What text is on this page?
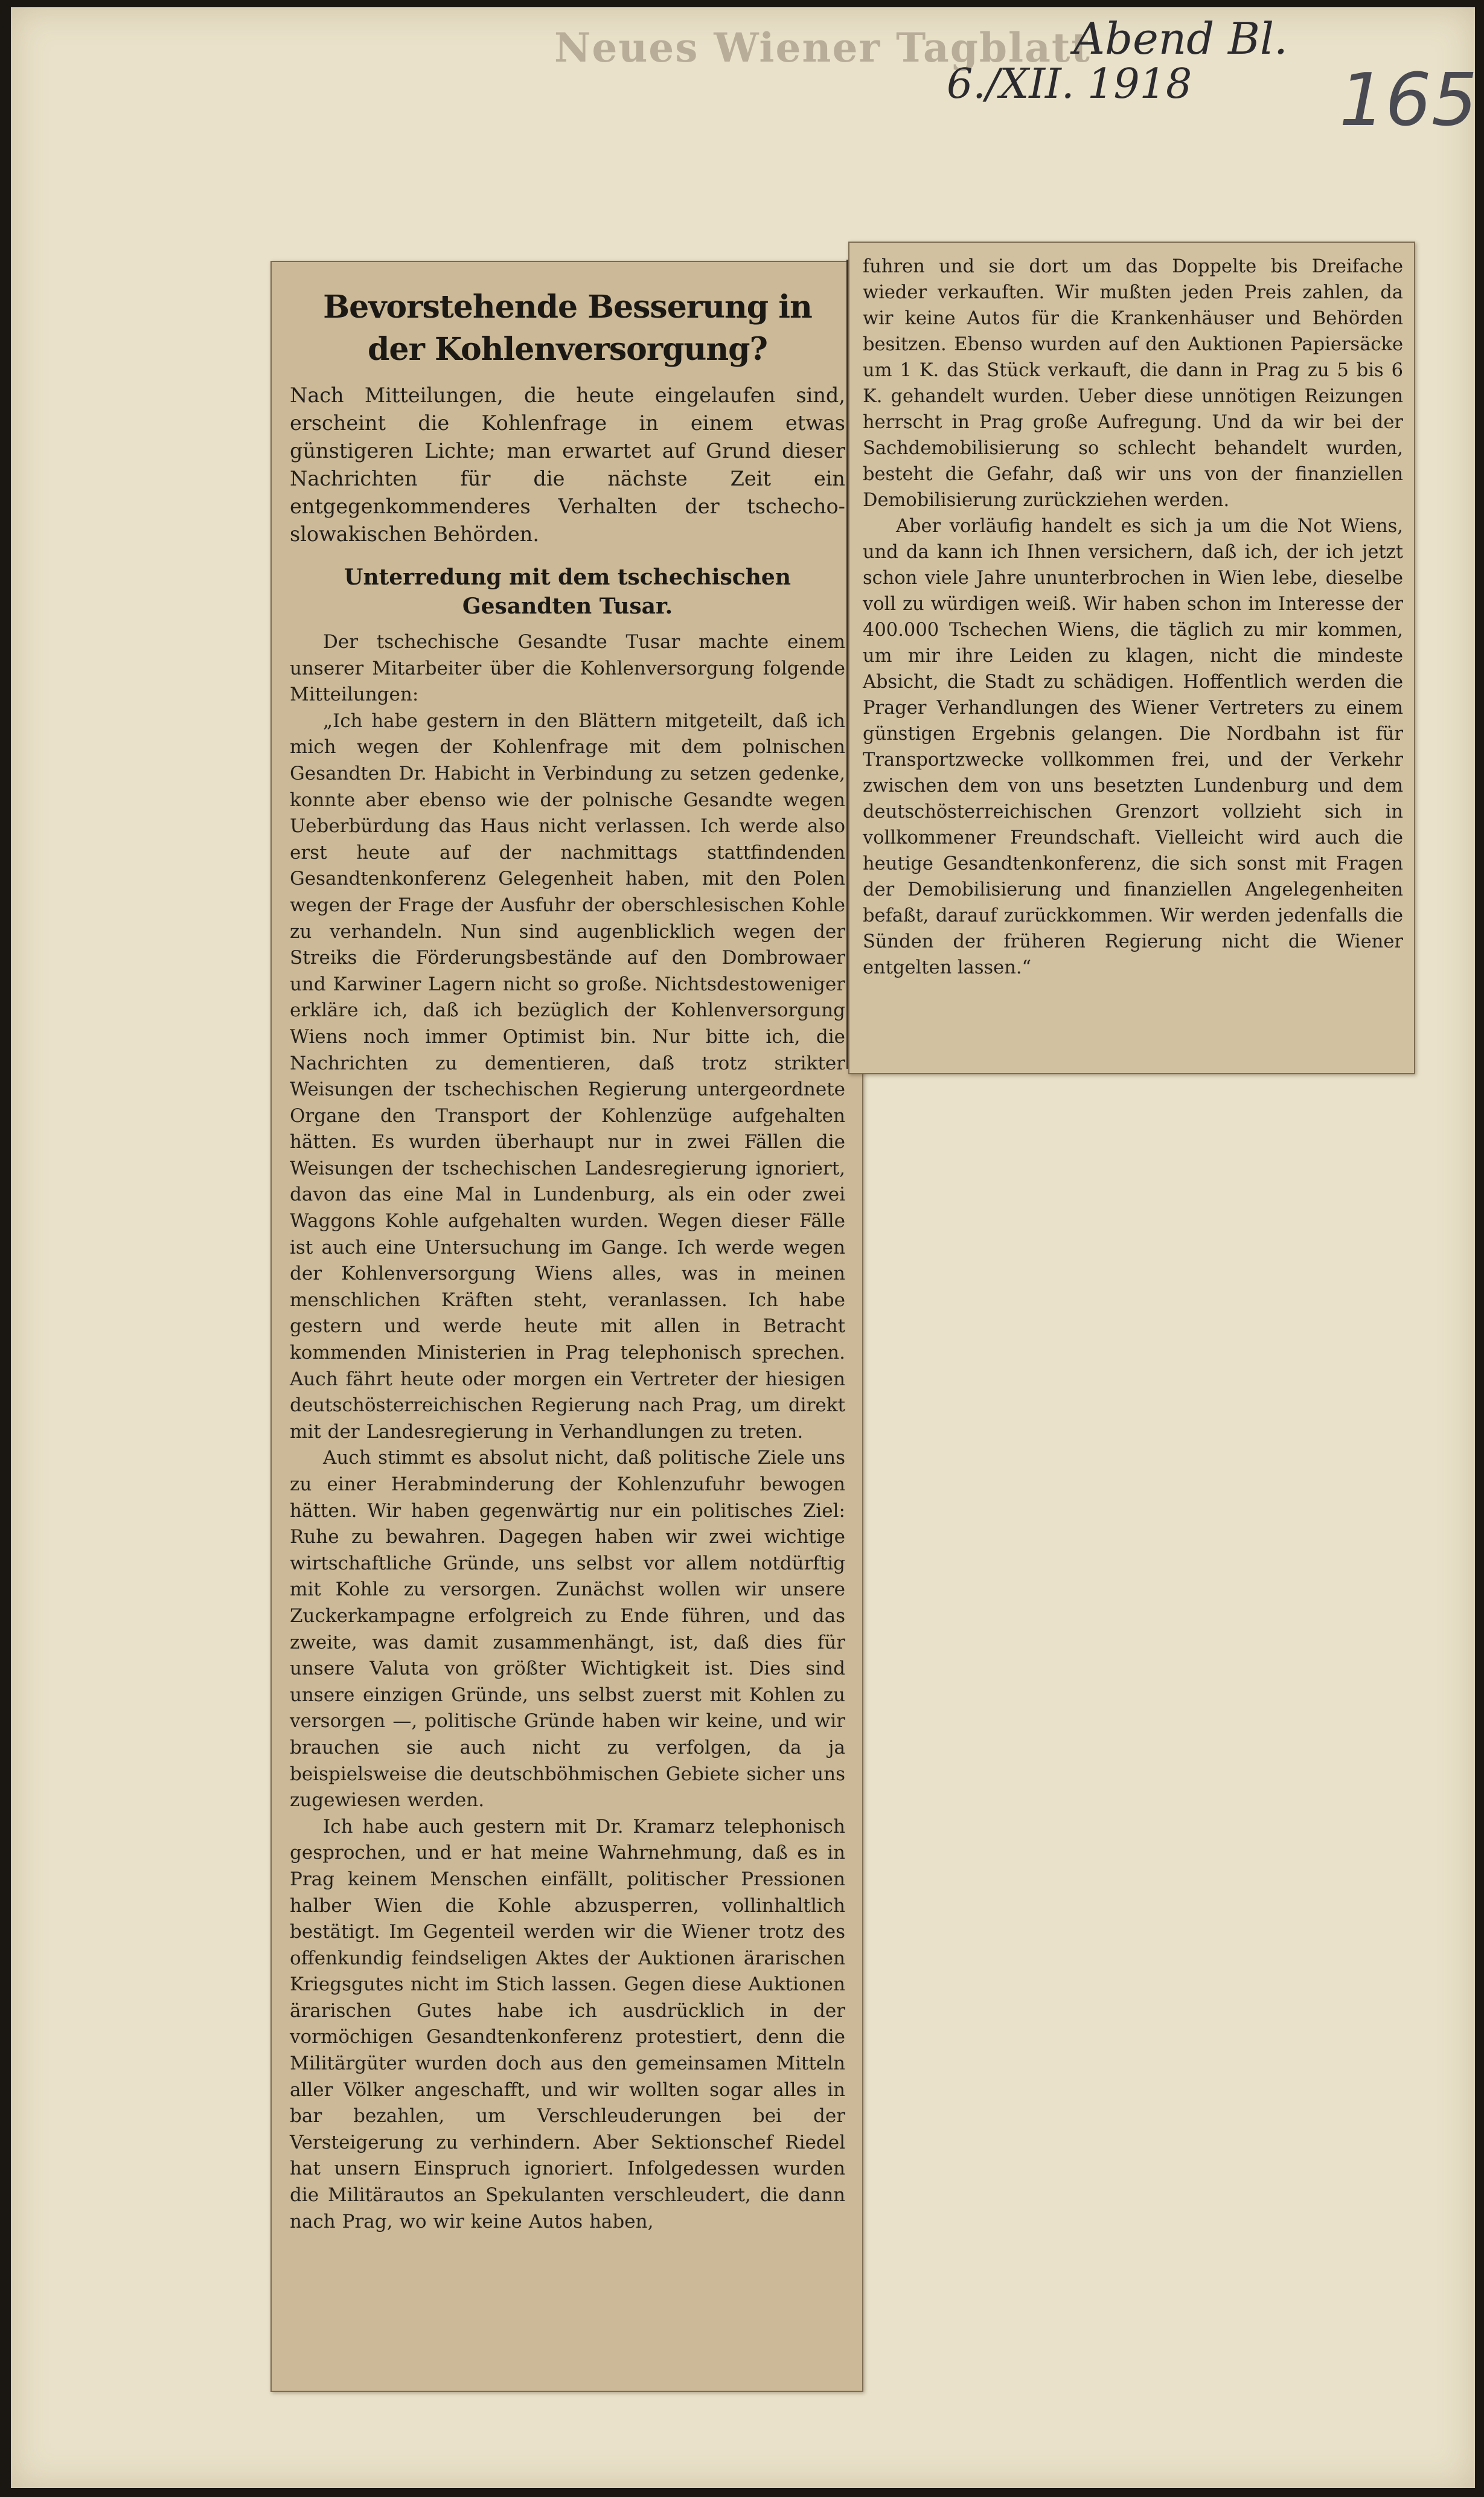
Neues Wiener Tagblatt
Abend Bl.
6./XII. 1918 165
Bevorstehende Besserung in der Kohlenversorgung?

Nach Mitteilungen, die heute eingelaufen sind, erscheint die Kohlenfrage in einem etwas günstigeren Lichte; man erwartet auf Grund dieser Nachrichten für die nächste Zeit ein entgegenkommenderes Verhalten der tschecho-slowakischen Behörden.

Unterredung mit dem tschechischen Gesandten Tusar.

Der tschechische Gesandte Tusar machte einem unserer Mitarbeiter über die Kohlenversorgung folgende Mitteilungen:

„Ich habe gestern in den Blättern mitgeteilt, daß ich mich wegen der Kohlenfrage mit dem polnischen Gesandten Dr. Habicht in Verbindung zu setzen gedenke, konnte aber ebenso wie der polnische Gesandte wegen Ueberbürdung das Haus nicht verlassen. Ich werde also erst heute auf der nachmittags stattfindenden Gesandtenkonferenz Gelegenheit haben, mit den Polen wegen der Frage der Ausfuhr der oberschlesischen Kohle zu verhandeln. Nun sind augenblicklich wegen der Streiks die Förderungsbestände auf den Dombrowaer und Karwiner Lagern nicht so große. Nichtsdestoweniger erkläre ich, daß ich bezüglich der Kohlenversorgung Wiens noch immer Optimist bin. Nur bitte ich, die Nachrichten zu dementieren, daß trotz strikter Weisungen der tschechischen Regierung untergeordnete Organe den Transport der Kohlenzüge aufgehalten hätten. Es wurden überhaupt nur in zwei Fällen die Weisungen der tschechischen Landesregierung ignoriert, davon das eine Mal in Lundenburg, als ein oder zwei Waggons Kohle aufgehalten wurden. Wegen dieser Fälle ist auch eine Untersuchung im Gange. Ich werde wegen der Kohlenversorgung Wiens alles, was in meinen menschlichen Kräften steht, veranlassen. Ich habe gestern und werde heute mit allen in Betracht kommenden Ministerien in Prag telephonisch sprechen. Auch fährt heute oder morgen ein Vertreter der hiesigen deutschösterreichischen Regierung nach Prag, um direkt mit der Landesregierung in Verhandlungen zu treten.

Auch stimmt es absolut nicht, daß politische Ziele uns zu einer Herabminderung der Kohlenzufuhr bewogen hätten. Wir haben gegenwärtig nur ein politisches Ziel: Ruhe zu bewahren. Dagegen haben wir zwei wichtige wirtschaftliche Gründe, uns selbst vor allem notdürftig mit Kohle zu versorgen. Zunächst wollen wir unsere Zuckerkampagne erfolgreich zu Ende führen, und das zweite, was damit zusammenhängt, ist, daß dies für unsere Valuta von größter Wichtigkeit ist. Dies sind unsere einzigen Gründe, uns selbst zuerst mit Kohlen zu versorgen —, politische Gründe haben wir keine, und wir brauchen sie auch nicht zu verfolgen, da ja beispielsweise die deutschböhmischen Gebiete sicher uns zugewiesen werden.

Ich habe auch gestern mit Dr. Kramarz telephonisch gesprochen, und er hat meine Wahrnehmung, daß es in Prag keinem Menschen einfällt, politischer Pressionen halber Wien die Kohle abzusperren, vollinhaltlich bestätigt. Im Gegenteil werden wir die Wiener trotz des offenkundig feindseligen Aktes der Auktionen ärarischen Kriegsgutes nicht im Stich lassen. Gegen diese Auktionen ärarischen Gutes habe ich ausdrücklich in der vormöchigen Gesandtenkonferenz protestiert, denn die Militärgüter wurden doch aus den gemeinsamen Mitteln aller Völker angeschafft, und wir wollten sogar alles in bar bezahlen, um Verschleuderungen bei der Versteigerung zu verhindern. Aber Sektionschef Riedel hat unsern Einspruch ignoriert. Infolgedessen wurden die Militärautos an Spekulanten verschleudert, die dann nach Prag, wo wir keine Autos haben,

fuhren und sie dort um das Doppelte bis Dreifache wieder verkauften. Wir mußten jeden Preis zahlen, da wir keine Autos für die Krankenhäuser und Behörden besitzen. Ebenso wurden auf den Auktionen Papiersäcke um 1 K. das Stück verkauft, die dann in Prag zu 5 bis 6 K. gehandelt wurden. Ueber diese unnötigen Reizungen herrscht in Prag große Aufregung. Und da wir bei der Sachdemobilisierung so schlecht behandelt wurden, besteht die Gefahr, daß wir uns von der finanziellen Demobilisierung zurückziehen werden.

Aber vorläufig handelt es sich ja um die Not Wiens, und da kann ich Ihnen versichern, daß ich, der ich jetzt schon viele Jahre ununterbrochen in Wien lebe, dieselbe voll zu würdigen weiß. Wir haben schon im Interesse der 400.000 Tschechen Wiens, die täglich zu mir kommen, um mir ihre Leiden zu klagen, nicht die mindeste Absicht, die Stadt zu schädigen. Hoffentlich werden die Prager Verhandlungen des Wiener Vertreters zu einem günstigen Ergebnis gelangen. Die Nordbahn ist für Transportzwecke vollkommen frei, und der Verkehr zwischen dem von uns besetzten Lundenburg und dem deutschösterreichischen Grenzort vollzieht sich in vollkommener Freundschaft. Vielleicht wird auch die heutige Gesandtenkonferenz, die sich sonst mit Fragen der Demobilisierung und finanziellen Angelegenheiten befaßt, darauf zurückkommen. Wir werden jedenfalls die Sünden der früheren Regierung nicht die Wiener entgelten lassen.“
